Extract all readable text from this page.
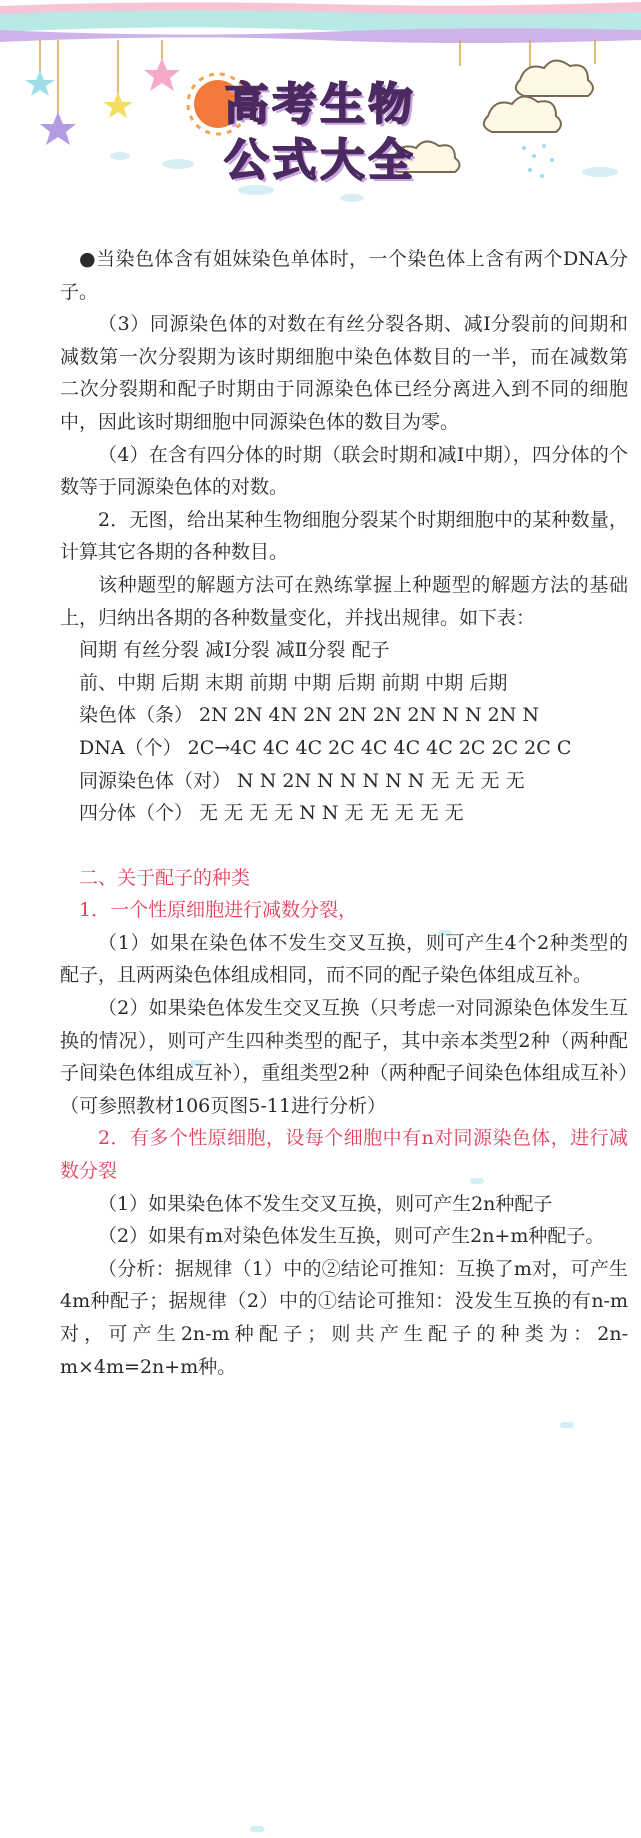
高考生物
公式大全

●当染色体含有姐妹染色单体时，一个染色体上含有两个DNA分子。

（3）同源染色体的对数在有丝分裂各期、减Ⅰ分裂前的间期和减数第一次分裂期为该时期细胞中染色体数目的一半，而在减数第二次分裂期和配子时期由于同源染色体已经分离进入到不同的细胞中，因此该时期细胞中同源染色体的数目为零。

（4）在含有四分体的时期（联会时期和减Ⅰ中期），四分体的个数等于同源染色体的对数。

2．无图，给出某种生物细胞分裂某个时期细胞中的某种数量，计算其它各期的各种数目。

该种题型的解题方法可在熟练掌握上种题型的解题方法的基础上，归纳出各期的各种数量变化，并找出规律。如下表：

间期 有丝分裂 减Ⅰ分裂 减Ⅱ分裂 配子

前、中期 后期 末期 前期 中期 后期 前期 中期 后期

染色体（条） 2N 2N 4N 2N 2N 2N 2N N N 2N N

DNA（个） 2C→4C 4C 4C 2C 4C 4C 4C 2C 2C 2C C

同源染色体（对） N N 2N N N N N N 无 无 无 无

四分体（个） 无 无 无 无 N N 无 无 无 无 无

二、关于配子的种类

1．一个性原细胞进行减数分裂，

（1）如果在染色体不发生交叉互换，则可产生4个2种类型的配子，且两两染色体组成相同，而不同的配子染色体组成互补。

（2）如果染色体发生交叉互换（只考虑一对同源染色体发生互换的情况），则可产生四种类型的配子，其中亲本类型2种（两种配子间染色体组成互补），重组类型2种（两种配子间染色体组成互补）（可参照教材106页图5-11进行分析）

2．有多个性原细胞，设每个细胞中有n对同源染色体，进行减数分裂

（1）如果染色体不发生交叉互换，则可产生2n种配子

（2）如果有m对染色体发生互换，则可产生2n+m种配子。

（分析：据规律（1）中的②结论可推知：互换了m对，可产生4m种配子；据规律（2）中的①结论可推知：没发生互换的有n-m对，可产生2n-m种配子；则共产生配子的种类为：2n-m×4m=2n+m种。
